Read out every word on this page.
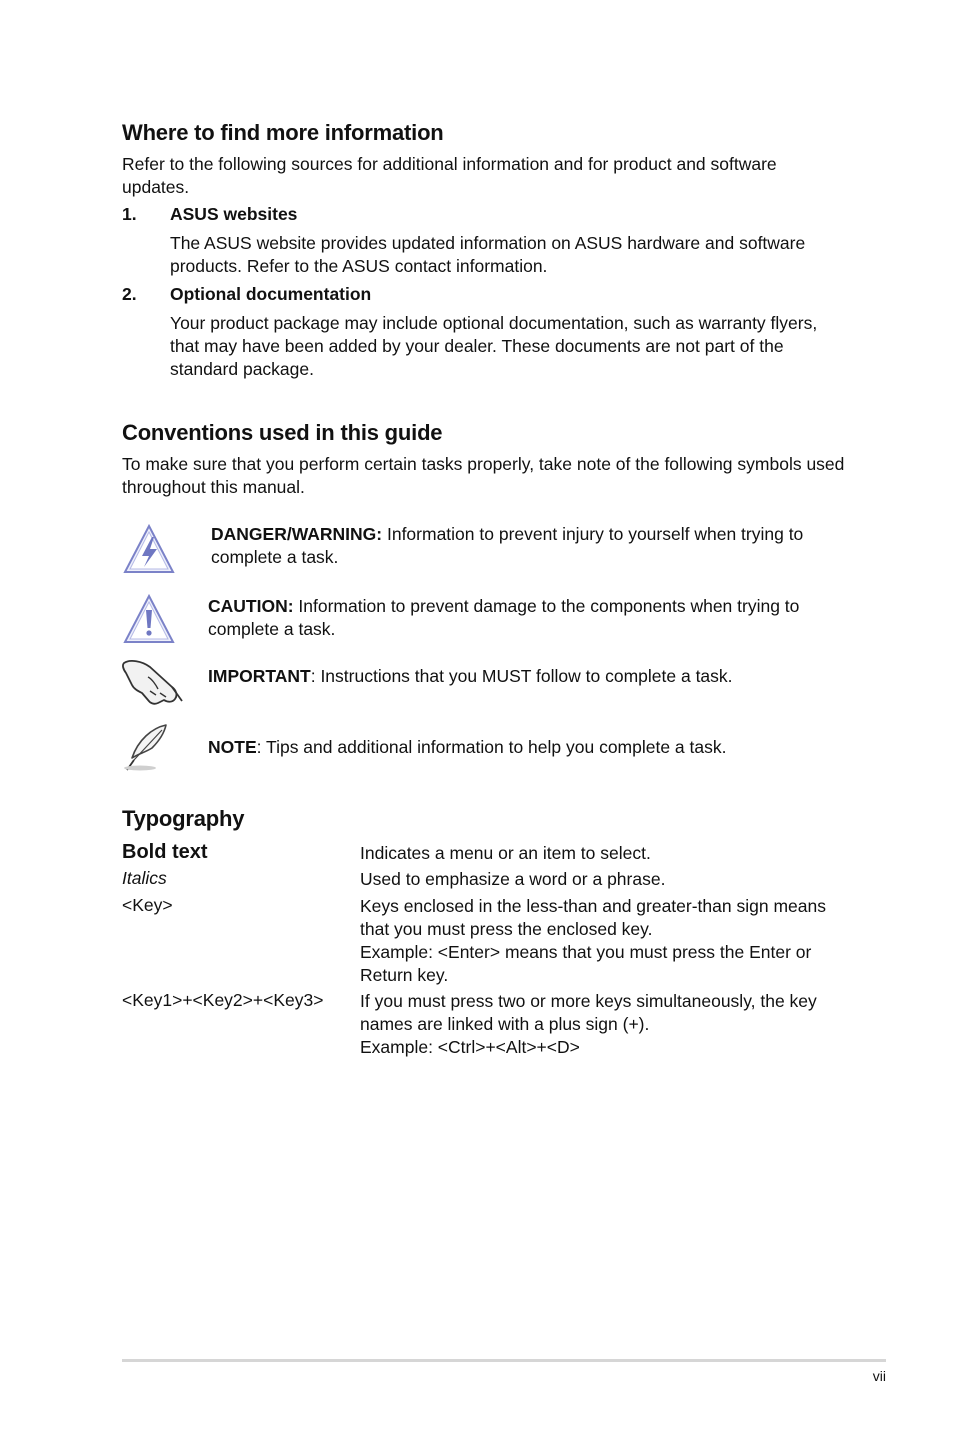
Where to find more information
Refer to the following sources for additional information and for product and software updates.
1. ASUS websites
The ASUS website provides updated information on ASUS hardware and software products. Refer to the ASUS contact information.
2. Optional documentation
Your product package may include optional documentation, such as warranty flyers, that may have been added by your dealer. These documents are not part of the standard package.
Conventions used in this guide
To make sure that you perform certain tasks properly, take note of the following symbols used throughout this manual.
DANGER/WARNING: Information to prevent injury to yourself when trying to complete a task.
CAUTION: Information to prevent damage to the components when trying to complete a task.
IMPORTANT: Instructions that you MUST follow to complete a task.
NOTE: Tips and additional information to help you complete a task.
Typography
Bold text	Indicates a menu or an item to select.
Italics	Used to emphasize a word or a phrase.
<Key>	Keys enclosed in the less-than and greater-than sign means that you must press the enclosed key.
Example: <Enter> means that you must press the Enter or Return key.
<Key1>+<Key2>+<Key3> If you must press two or more keys simultaneously, the key names are linked with a plus sign (+).
Example: <Ctrl>+<Alt>+<D>
vii
